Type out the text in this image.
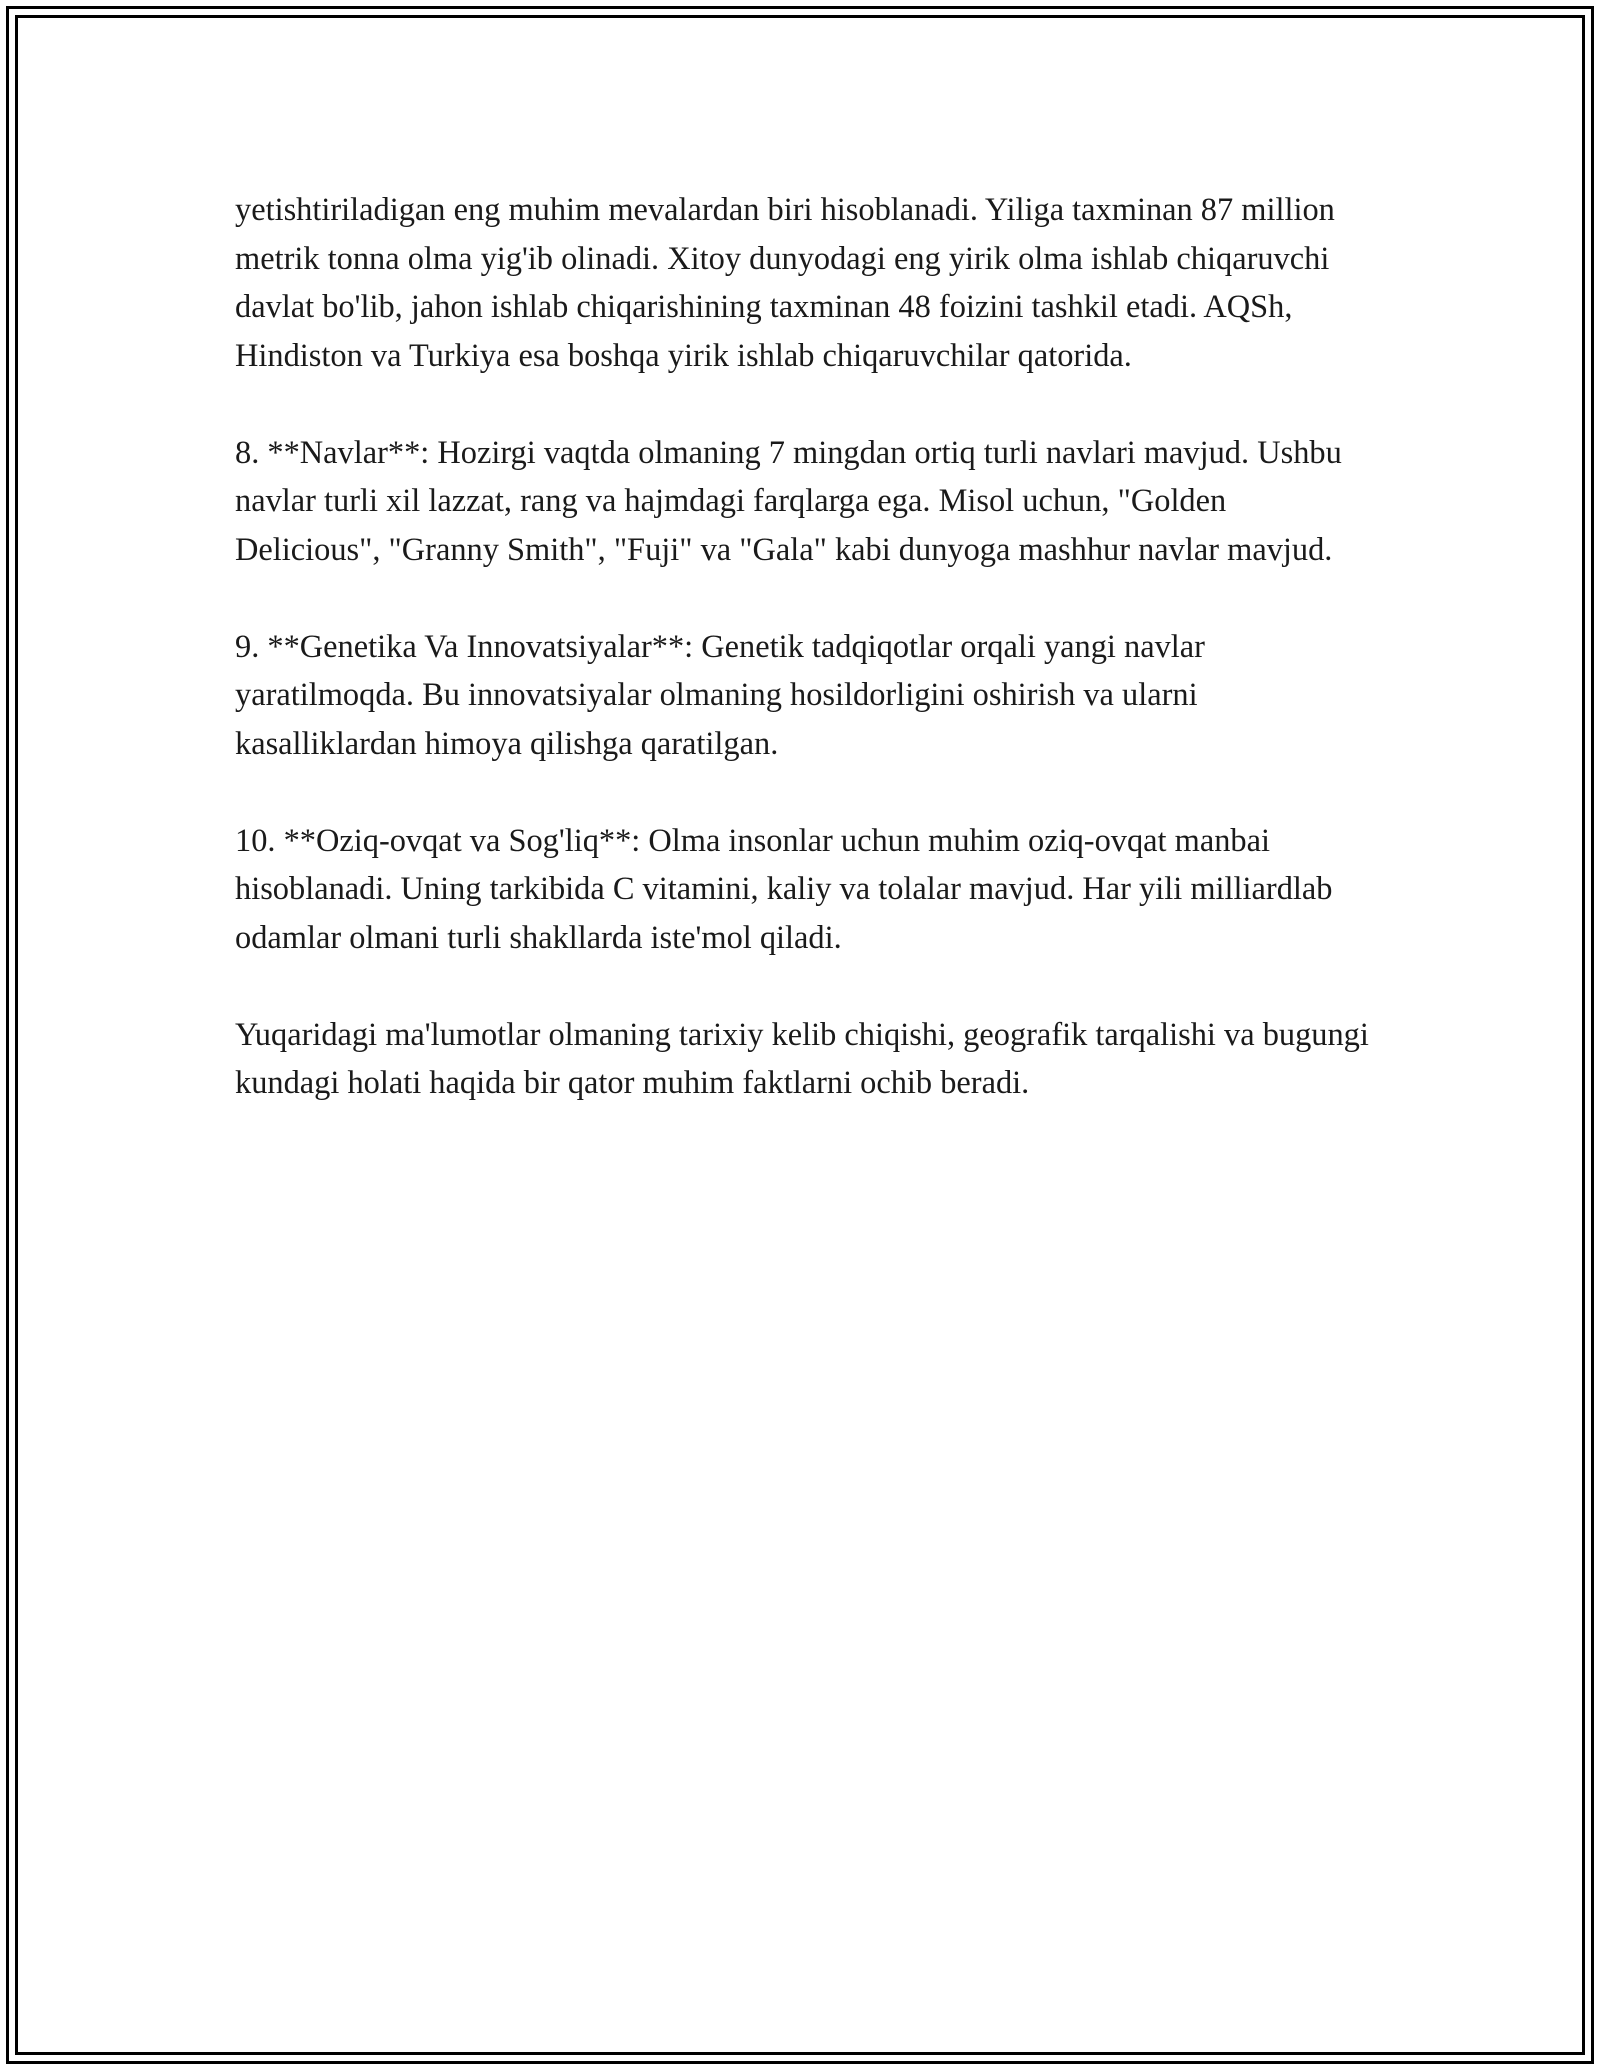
yetishtiriladigan eng muhim mevalardan biri hisoblanadi. Yiliga taxminan 87 million metrik tonna olma yig'ib olinadi. Xitoy dunyodagi eng yirik olma ishlab chiqaruvchi davlat bo'lib, jahon ishlab chiqarishining taxminan 48 foizini tashkil etadi. AQSh, Hindiston va Turkiya esa boshqa yirik ishlab chiqaruvchilar qatorida.

8. **Navlar**: Hozirgi vaqtda olmaning 7 mingdan ortiq turli navlari mavjud. Ushbu navlar turli xil lazzat, rang va hajmdagi farqlarga ega. Misol uchun, "Golden Delicious", "Granny Smith", "Fuji" va "Gala" kabi dunyoga mashhur navlar mavjud.

9. **Genetika Va Innovatsiyalar**: Genetik tadqiqotlar orqali yangi navlar yaratilmoqda. Bu innovatsiyalar olmaning hosildorligini oshirish va ularni kasalliklardan himoya qilishga qaratilgan.

10. **Oziq-ovqat va Sog'liq**: Olma insonlar uchun muhim oziq-ovqat manbai hisoblanadi. Uning tarkibida C vitamini, kaliy va tolalar mavjud. Har yili milliardlab odamlar olmani turli shakllarda iste'mol qiladi.

Yuqaridagi ma'lumotlar olmaning tarixiy kelib chiqishi, geografik tarqalishi va bugungi kundagi holati haqida bir qator muhim faktlarni ochib beradi.
